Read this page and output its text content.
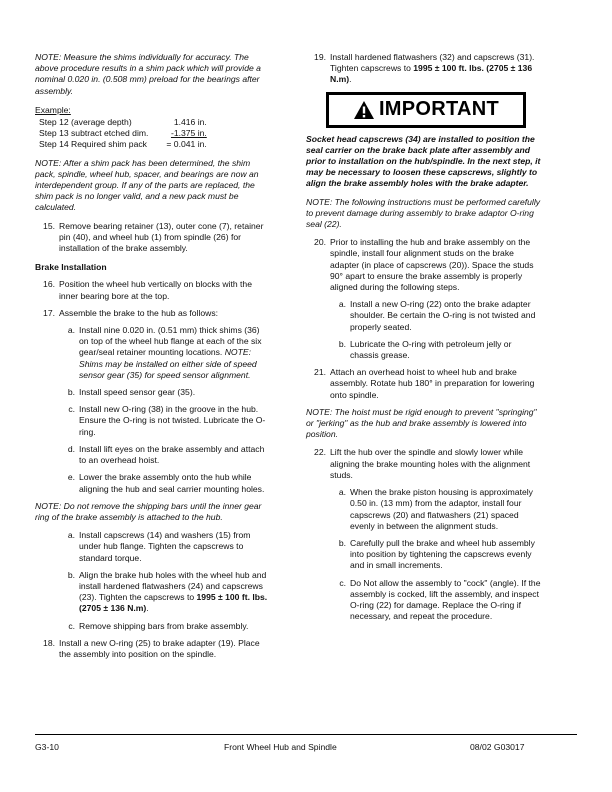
NOTE: Measure the shims individually for accuracy. The above procedure results in a shim pack which will provide a nominal 0.020 in. (0.508 mm) preload for the bearings after assembly.

Example:

Step 12 (average depth)	1.416 in.
Step 13 subtract etched dim.	-1.375 in.
Step 14 Required shim pack	= 0.041 in.

NOTE: After a shim pack has been determined, the shim pack, spindle, wheel hub, spacer, and bearings are now an interdependent group. If any of the parts are replaced, the shim pack is no longer valid, and a new pack must be calculated.

15. Remove bearing retainer (13), outer cone (7), retainer pin (40), and wheel hub (1) from spindle (26) for installation of the brake assembly.

Brake Installation

16. Position the wheel hub vertically on blocks with the inner bearing bore at the top.
17. Assemble the brake to the hub as follows:
a. Install nine 0.020 in. (0.51 mm) thick shims (36) on top of the wheel hub flange at each of the six gear/seal retainer mounting locations. NOTE: Shims may be installed on either side of speed sensor gear (35) for speed sensor alignment.
b. Install speed sensor gear (35).
c. Install new O-ring (38) in the groove in the hub. Ensure the O-ring is not twisted. Lubricate the O-ring.
d. Install lift eyes on the brake assembly and attach to an overhead hoist.
e. Lower the brake assembly onto the hub while aligning the hub and seal carrier mounting holes.

NOTE: Do not remove the shipping bars until the inner gear ring of the brake assembly is attached to the hub.

a. Install capscrews (14) and washers (15) from under hub flange. Tighten the capscrews to standard torque.
b. Align the brake hub holes with the wheel hub and install hardened flatwashers (24) and capscrews (23). Tighten the capscrews to 1995 ± 100 ft. lbs. (2705 ± 136 N.m).
c. Remove shipping bars from brake assembly.
18. Install a new O-ring (25) to brake adapter (19). Place the assembly into position on the spindle.
19. Install hardened flatwashers (32) and capscrews (31). Tighten capscrews to 1995 ± 100 ft. lbs. (2705 ± 136 N.m).
IMPORTANT

Socket head capscrews (34) are installed to position the seal carrier on the brake back plate after assembly and prior to installation on the hub/spindle. In the next step, it may be necessary to loosen these capscrews, slightly to align the brake assembly holes with the brake adapter.

NOTE: The following instructions must be performed carefully to prevent damage during assembly to brake adaptor O-ring seal (22).

20. Prior to installing the hub and brake assembly on the spindle, install four alignment studs on the brake adapter (in place of capscrews (20)). Space the studs 90° apart to ensure the brake assembly is properly aligned during the following steps.
a. Install a new O-ring (22) onto the brake adapter shoulder. Be certain the O-ring is not twisted and properly seated.
b. Lubricate the O-ring with petroleum jelly or chassis grease.
21. Attach an overhead hoist to wheel hub and brake assembly. Rotate hub 180° in preparation for lowering onto spindle.

NOTE: The hoist must be rigid enough to prevent "springing" or "jerking" as the hub and brake assembly is lowered into position.

22. Lift the hub over the spindle and slowly lower while aligning the brake mounting holes with the alignment studs.
a. When the brake piston housing is approximately 0.50 in. (13 mm) from the adaptor, install four capscrews (20) and flatwashers (21) spaced evenly in between the alignment studs.
b. Carefully pull the brake and wheel hub assembly into position by tightening the capscrews evenly and in small increments.
c. Do Not allow the assembly to "cock" (angle). If the assembly is cocked, lift the assembly, and inspect O-ring (22) for damage. Replace the O-ring if necessary, and repeat the procedure.
G3-10	Front Wheel Hub and Spindle	08/02 G03017
